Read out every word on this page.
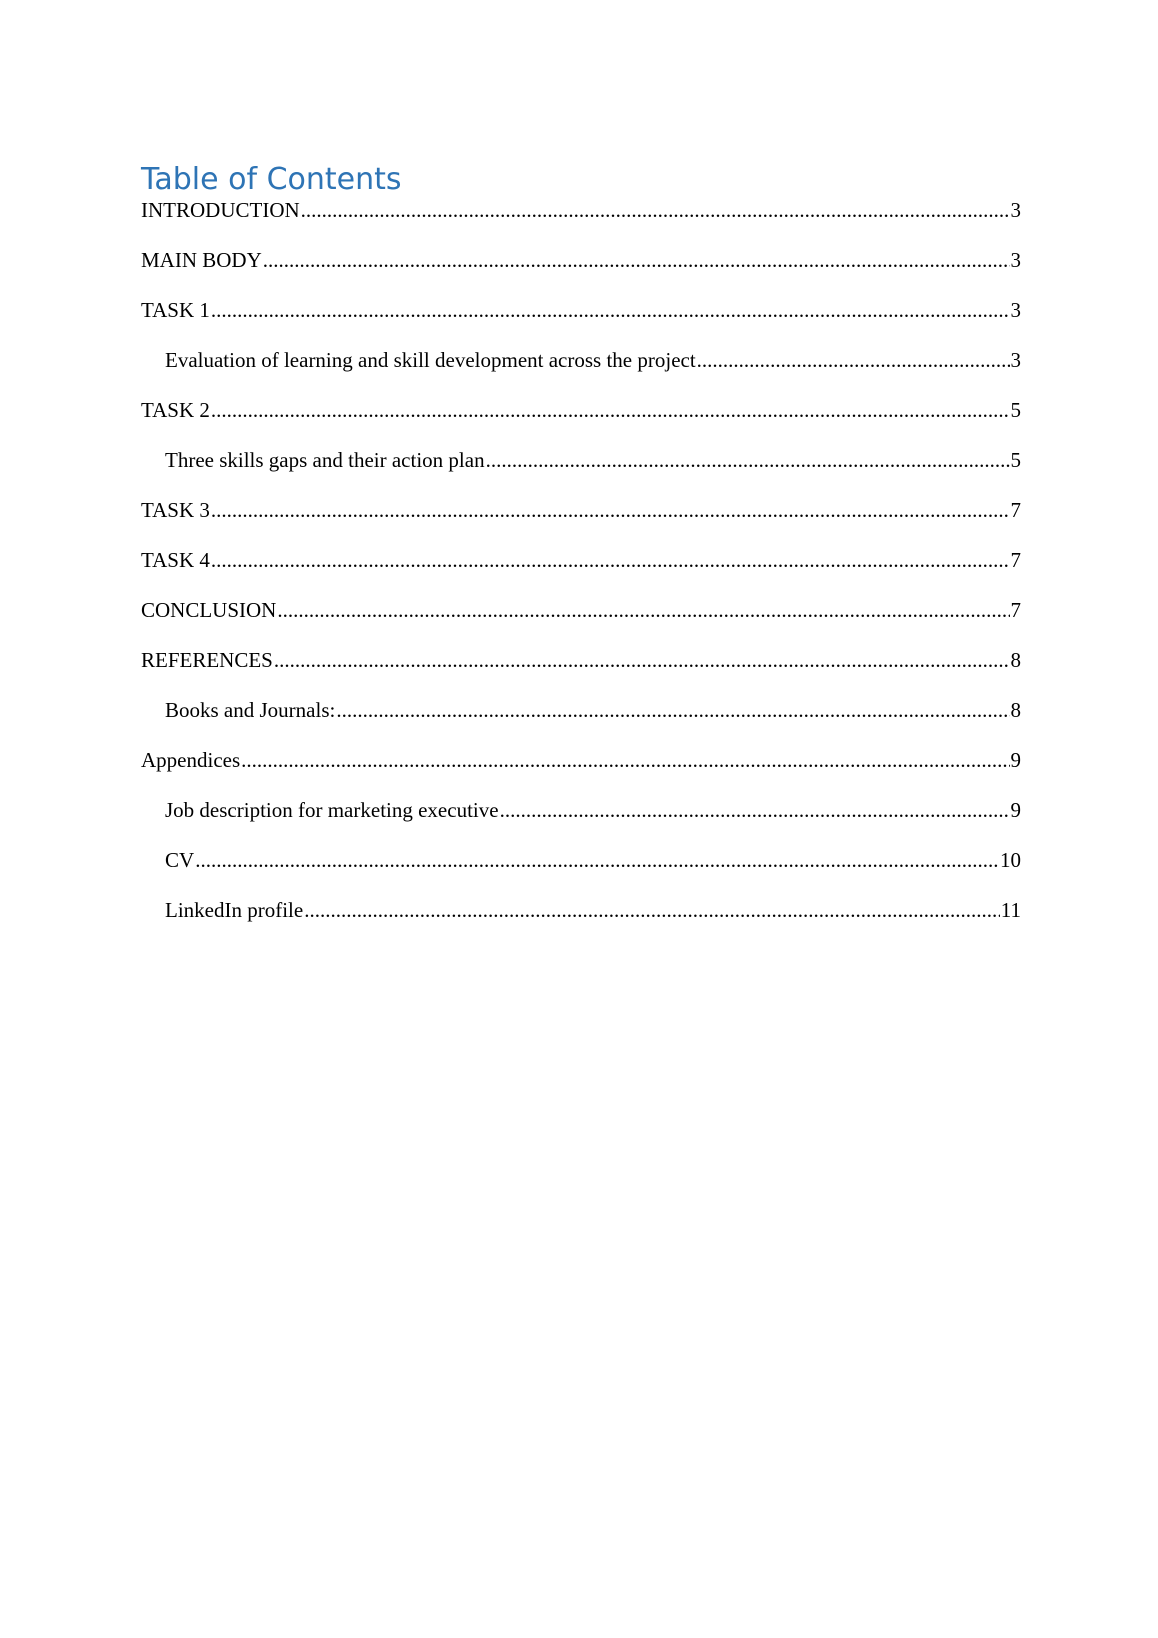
Table of Contents
INTRODUCTION .....	3
MAIN BODY .....	3
TASK 1 .....	3
Evaluation of learning and skill development across the project .....	3
TASK 2 .....	5
Three skills gaps and their action plan .....	5
TASK 3 .....	7
TASK 4 .....	7
CONCLUSION .....	7
REFERENCES .....	8
Books and Journals: .....	8
Appendices .....	9
Job description for marketing executive .....	9
CV .....	10
LinkedIn profile .....	11
